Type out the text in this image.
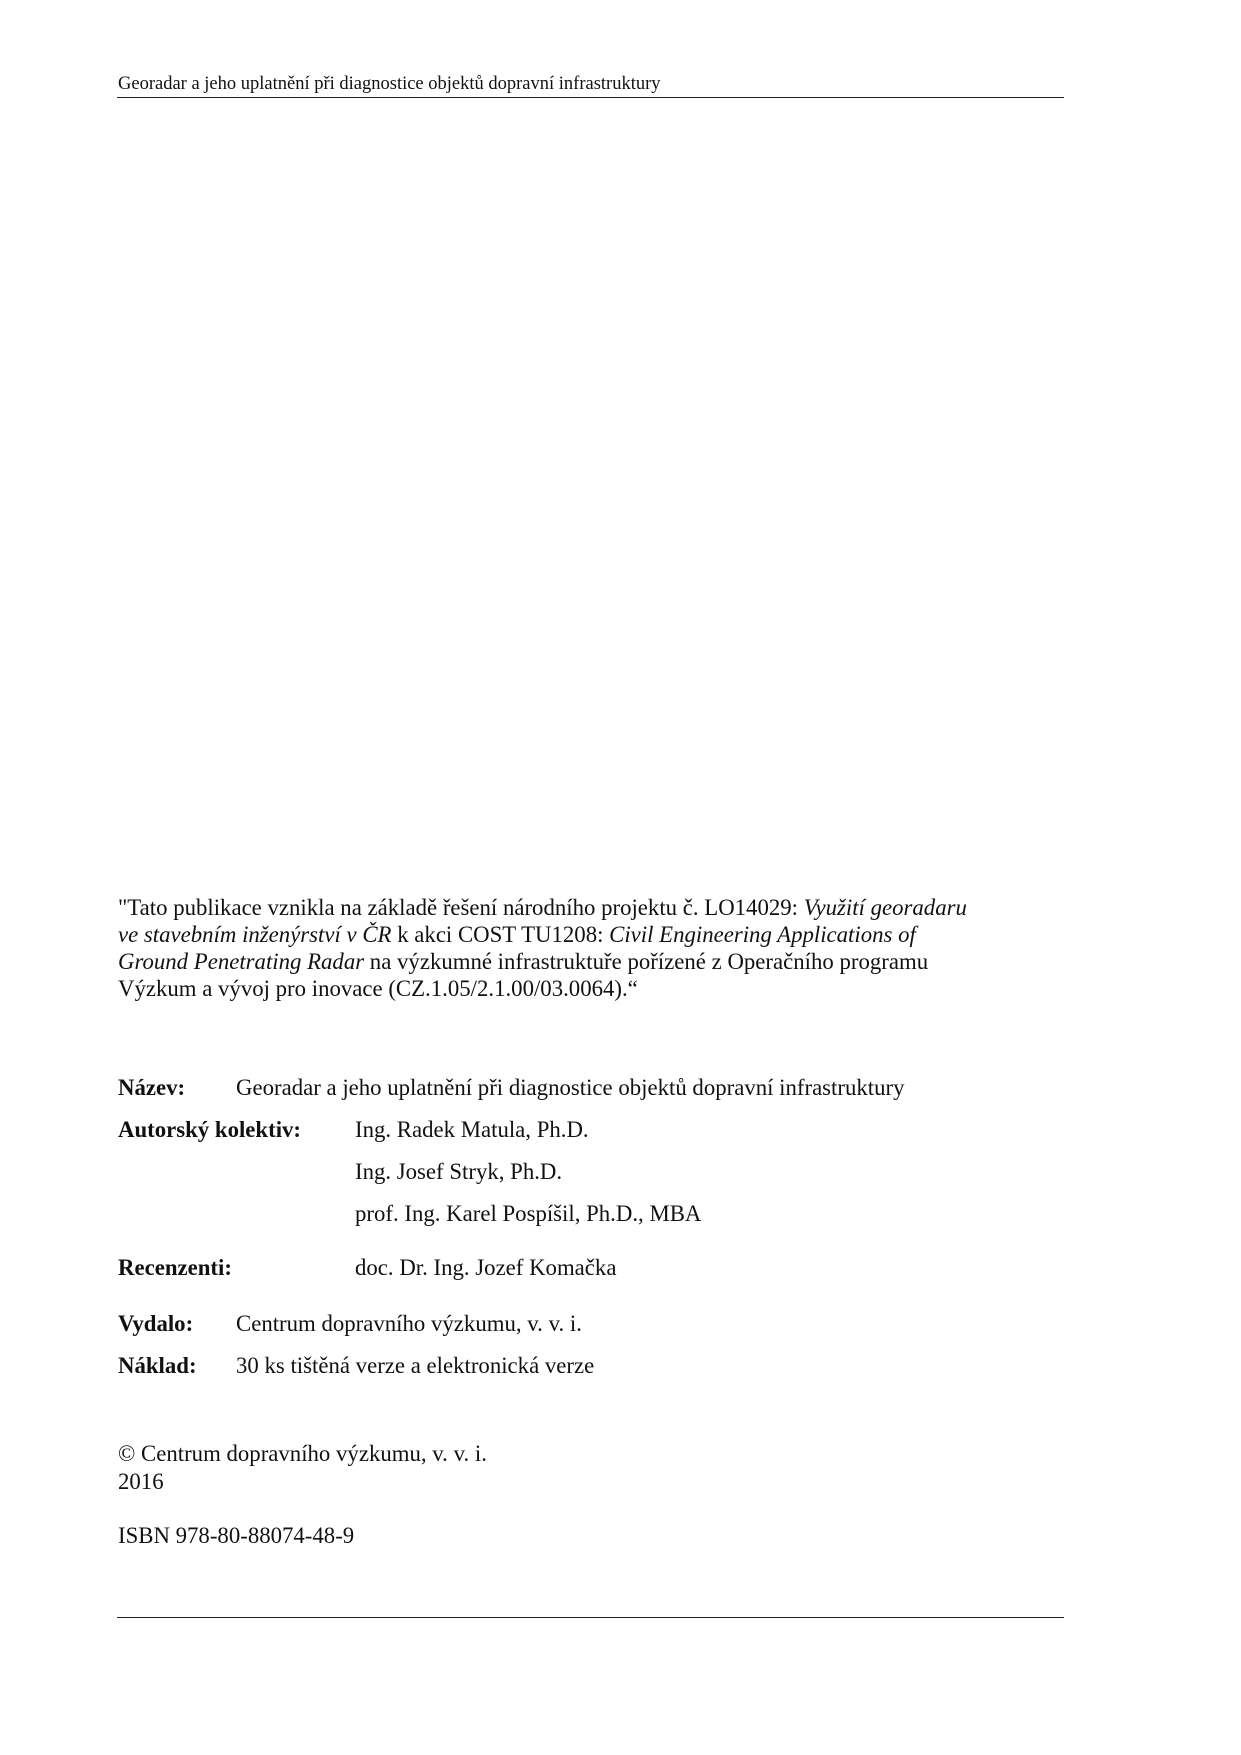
Georadar a jeho uplatnění při diagnostice objektů dopravní infrastruktury
"Tato publikace vznikla na základě řešení národního projektu č. LO14029: Využití georadaru
ve stavebním inženýrství v ČR k akci COST TU1208: Civil Engineering Applications of
Ground Penetrating Radar na výzkumné infrastruktuře pořízené z Operačního programu
Výzkum a vývoj pro inovace (CZ.1.05/2.1.00/03.0064).“
Název: Georadar a jeho uplatnění při diagnostice objektů dopravní infrastruktury
Autorský kolektiv: Ing. Radek Matula, Ph.D.
Ing. Josef Stryk, Ph.D.
prof. Ing. Karel Pospíšil, Ph.D., MBA
Recenzenti:	doc. Dr. Ing. Jozef Komačka
Vydalo: Centrum dopravního výzkumu, v. v. i.
Náklad: 30 ks tištěná verze a elektronická verze
© Centrum dopravního výzkumu, v. v. i.
2016
ISBN 978-80-88074-48-9
